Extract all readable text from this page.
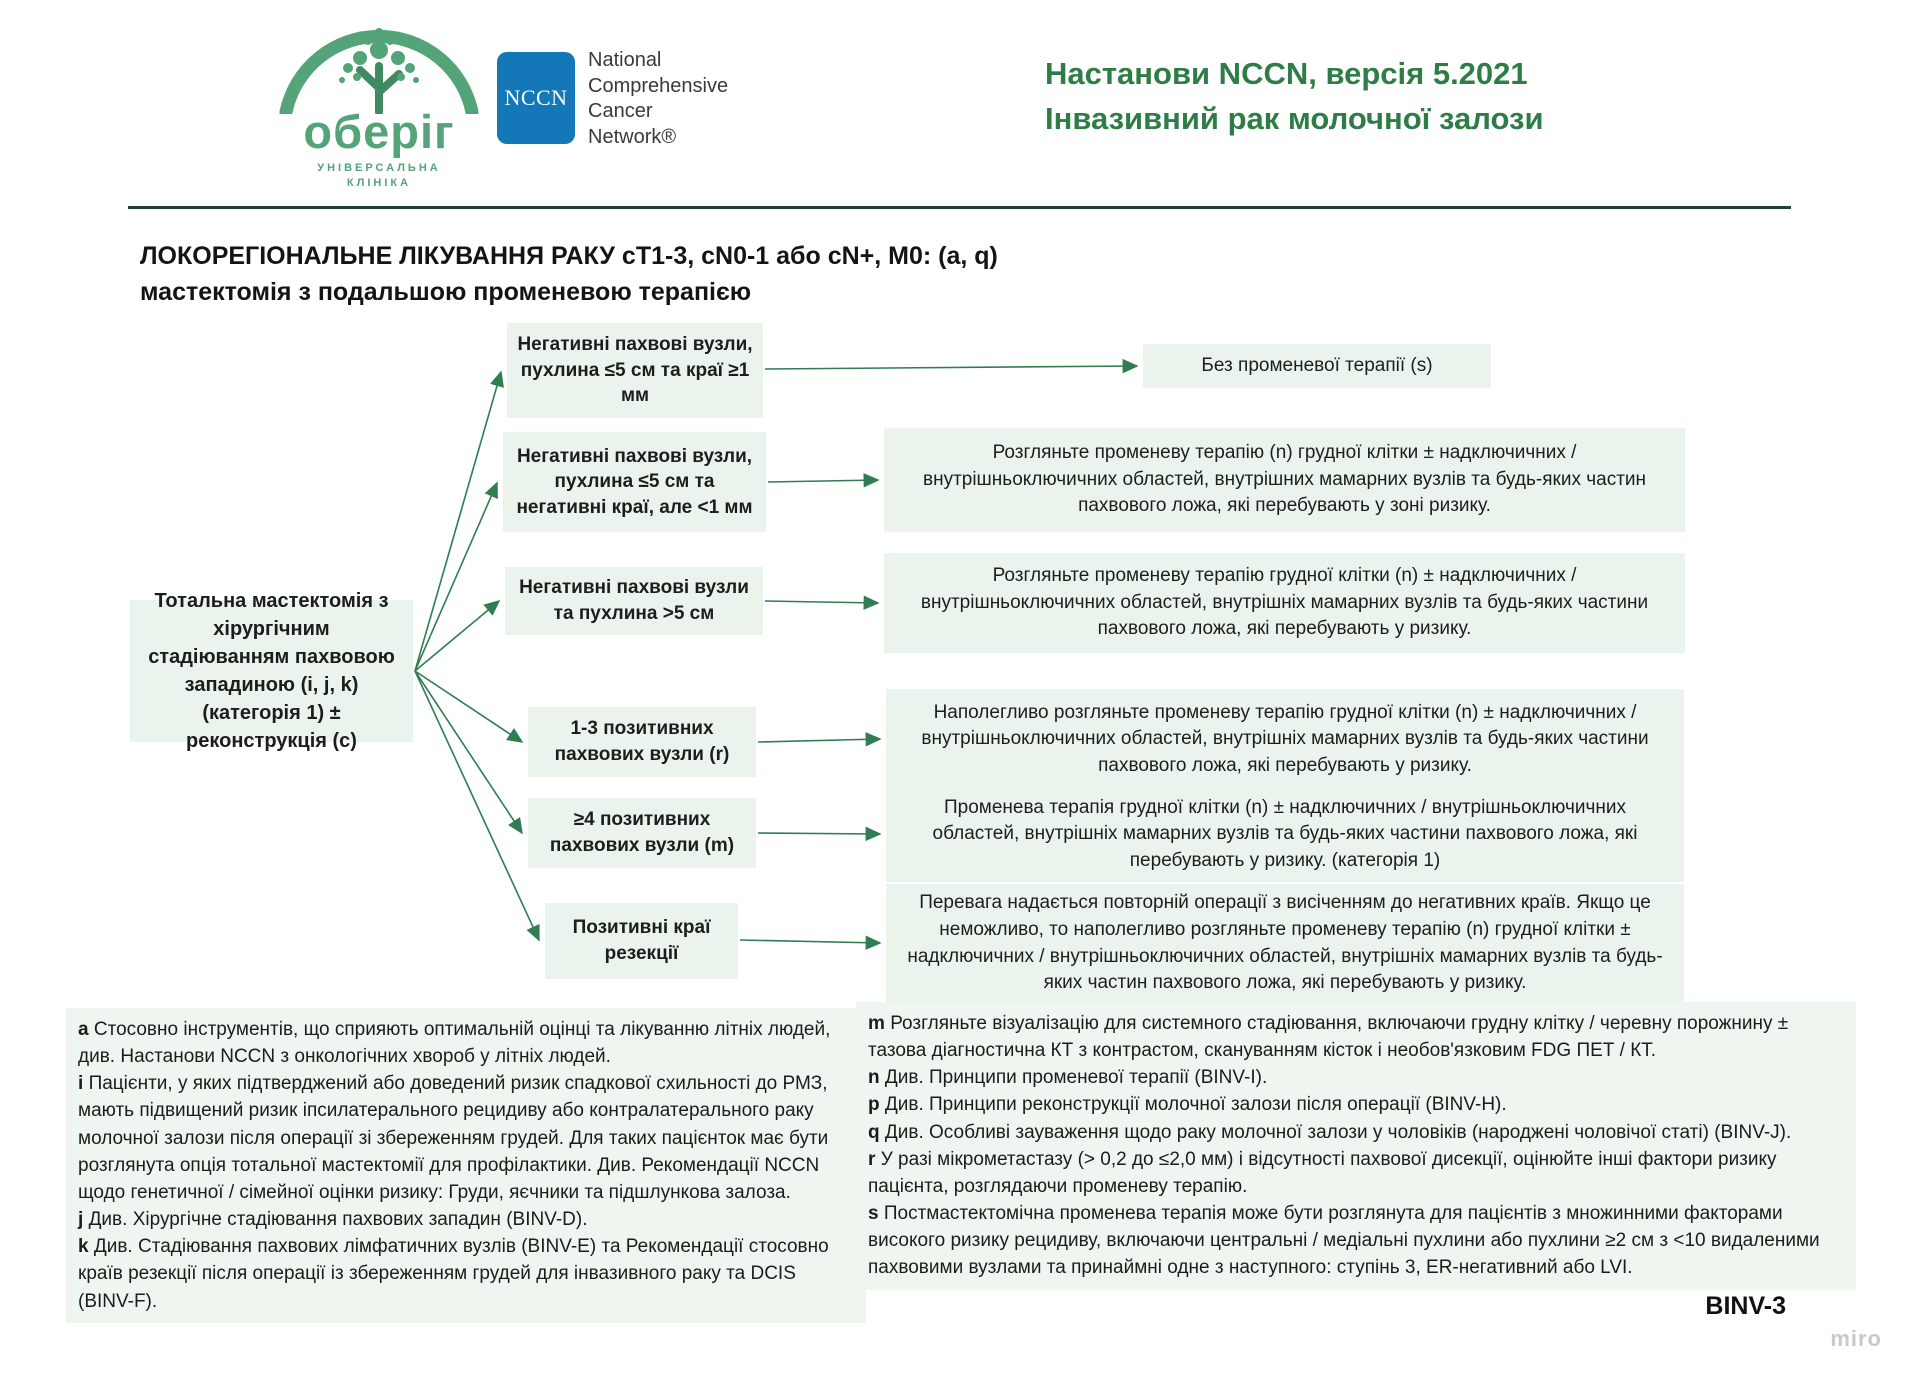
оберіг
УНІВЕРСАЛЬНА
КЛІНІКА
NCCN
National
Comprehensive
Cancer
Network®
Настанови NCCN, версія 5.2021
Інвазивний рак молочної залози
ЛОКОРЕГІОНАЛЬНЕ ЛІКУВАННЯ РАКУ сТ1-3, cN0-1 або cN+, M0: (a, q)
мастектомія з подальшою променевою терапією
Тотальна мастектомія з хірургічним стадіюванням пахвовою западиною (i, j, k) (категорія 1) ± реконструкція (c)
Негативні пахвові вузли, пухлина ≤5 см та краї ≥1 мм
Негативні пахвові вузли, пухлина ≤5 см та негативні краї, але <1 мм
Негативні пахвові вузли та пухлина >5 см
1-3 позитивних пахвових вузли (r)
≥4 позитивних пахвових вузли (m)
Позитивні краї резекції
Без променевої терапії (s)
Розгляньте променеву терапію (n) грудної клітки ± надключичних / внутрішньоключичних областей, внутрішних мамарних вузлів та будь-яких частин пахвового ложа, які перебувають у зоні ризику.
Розгляньте променеву терапію грудної клітки (n) ± надключичних / внутрішньоключичних областей, внутрішніх мамарних вузлів та будь-яких частини пахвового ложа, які перебувають у ризику.
Наполегливо розгляньте променеву терапію грудної клітки (n) ± надключичних / внутрішньоключичних областей, внутрішніх мамарних вузлів та будь-яких частини пахвового ложа, які перебувають у ризику.
Променева терапія грудної клітки (n) ± надключичних / внутрішньоключичних областей, внутрішніх мамарних вузлів та будь-яких частини пахвового ложа, які перебувають у ризику. (категорія 1)
Перевага надається повторній операції з висіченням до негативних країв. Якщо це неможливо, то наполегливо розгляньте променеву терапію (n) грудної клітки ± надключичних / внутрішньоключичних областей, внутрішніх мамарних вузлів та будь-яких частин пахвового ложа, які перебувають у ризику.

a Стосовно інструментів, що сприяють оптимальній оцінці та лікуванню літніх людей, див. Настанови NCCN з онкологічних хвороб у літніх людей.

i Пацієнти, у яких підтверджений або доведений ризик спадкової схильності до РМЗ, мають підвищений ризик іпсилатерального рецидиву або контралатерального раку молочної залози після операції зі збереженням грудей. Для таких пацієнток має бути розглянута опція тотальної мастектомії для профілактики. Див. Рекомендації NCCN щодо генетичної / сімейної оцінки ризику: Груди, яєчники та підшлункова залоза.

j Див. Хірургічне стадіювання пахвових западин (BINV-D).

k Див. Стадіювання пахвових лімфатичних вузлів (BINV-E) та Рекомендації стосовно країв резекції після операції із збереженням грудей для інвазивного раку та DCIS (BINV-F).

m Розгляньте візуалізацію для системного стадіювання, включаючи грудну клітку / черевну порожнину ± тазова діагностична КТ з контрастом, скануванням кісток і необов'язковим FDG ПЕТ / КТ.

n Див. Принципи променевої терапії (BINV-I).

p Див. Принципи реконструкції молочної залози після операції (BINV-H).

q Див. Особливі зауваження щодо раку молочної залози у чоловіків (народжені чоловічої статі) (BINV-J).

r У разі мікрометастазу (> 0,2 до ≤2,0 мм) і відсутності пахвової дисекції, оцінюйте інші фактори ризику пацієнта, розглядаючи променеву терапію.

s Постмастектомічна променева терапія може бути розглянута для пацієнтів з множинними факторами високого ризику рецидиву, включаючи центральні / медіальні пухлини або пухлини ≥2 см з <10 видаленими пахвовими вузлами та принаймні одне з наступного: ступінь 3, ER-негативний або LVI.

BINV-3
miro
